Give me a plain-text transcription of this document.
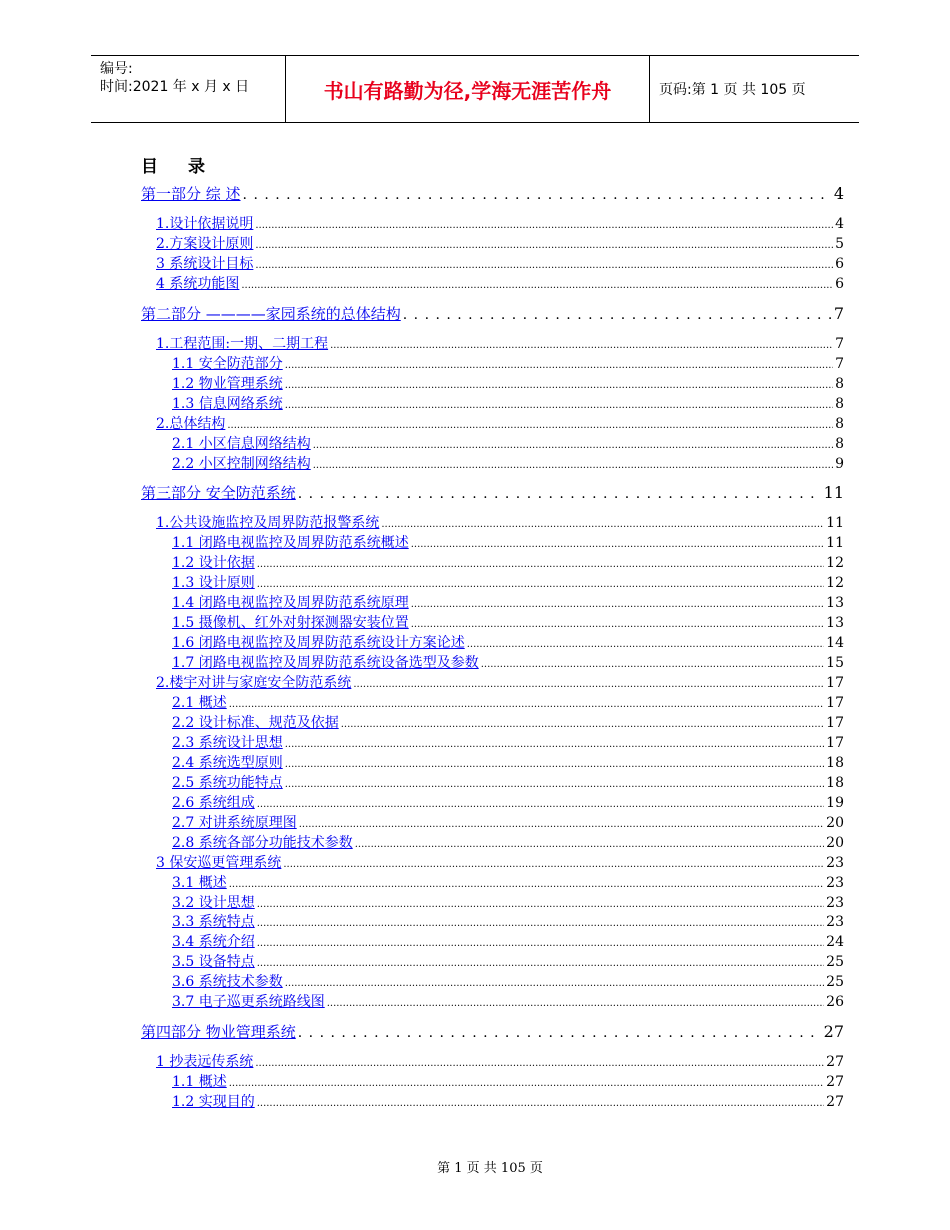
编号:
时间:2021 年 x 月 x 日	书山有路勤为径,学海无涯苦作舟	页码:第 1 页 共 105 页
目录
第一部分 综 述 . . .	4
1.设计依据说明 .....	4
2.方案设计原则 .....	5
3 系统设计目标 .....	6
4 系统功能图 .....	6
第二部分 ————家园系统的总体结构 . . .	7
1.工程范围:一期、二期工程 .....	7
1.1 安全防范部分 .....	7
1.2 物业管理系统 .....	8
1.3 信息网络系统 .....	8
2.总体结构 .....	8
2.1 小区信息网络结构 .....	8
2.2 小区控制网络结构 .....	9
第三部分 安全防范系统 . . .	11
1.公共设施监控及周界防范报警系统 .....	11
1.1 闭路电视监控及周界防范系统概述 .....	11
1.2 设计依据 .....	12
1.3 设计原则 .....	12
1.4 闭路电视监控及周界防范系统原理 .....	13
1.5 摄像机、红外对射探测器安装位置 .....	13
1.6 闭路电视监控及周界防范系统设计方案论述 .....	14
1.7 闭路电视监控及周界防范系统设备选型及参数 .....	15
2.楼宇对讲与家庭安全防范系统 .....	17
2.1 概述 .....	17
2.2 设计标准、规范及依据 .....	17
2.3 系统设计思想 .....	17
2.4 系统选型原则 .....	18
2.5 系统功能特点 .....	18
2.6 系统组成 .....	19
2.7 对讲系统原理图 .....	20
2.8 系统各部分功能技术参数 .....	20
3 保安巡更管理系统 .....	23
3.1 概述 .....	23
3.2 设计思想 .....	23
3.3 系统特点 .....	23
3.4 系统介绍 .....	24
3.5 设备特点 .....	25
3.6 系统技术参数 .....	25
3.7 电子巡更系统路线图 .....	26
第四部分 物业管理系统 . . .	27
1 抄表远传系统 .....	27
1.1 概述 .....	27
1.2 实现目的 .....	27
第 1 页 共 105 页
